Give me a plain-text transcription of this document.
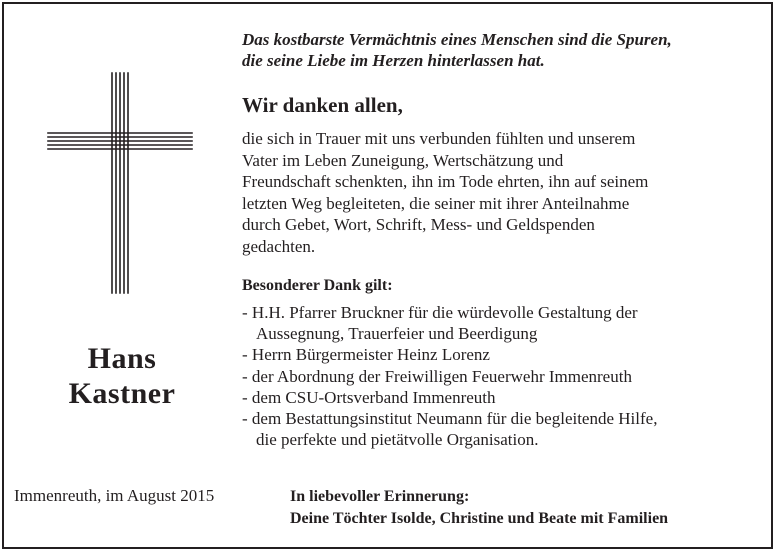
Das kostbarste Vermächtnis eines Menschen sind die Spuren,
die seine Liebe im Herzen hinterlassen hat.
Wir danken allen,
die sich in Trauer mit uns verbunden fühlten und unserem
Vater im Leben Zuneigung, Wertschätzung und
Freundschaft schenkten, ihn im Tode ehrten, ihn auf seinem
letzten Weg begleiteten, die seiner mit ihrer Anteilnahme
durch Gebet, Wort, Schrift, Mess- und Geldspenden
gedachten.
Besonderer Dank gilt:
- H.H. Pfarrer Bruckner für die würdevolle Gestaltung der
Aussegnung, Trauerfeier und Beerdigung
- Herrn Bürgermeister Heinz Lorenz
- der Abordnung der Freiwilligen Feuerwehr Immenreuth
- dem CSU-Ortsverband Immenreuth
- dem Bestattungsinstitut Neumann für die begleitende Hilfe,
die perfekte und pietätvolle Organisation.
Hans
Kastner
Immenreuth, im August 2015	In liebevoller Erinnerung:
Deine Töchter Isolde, Christine und Beate mit Familien
